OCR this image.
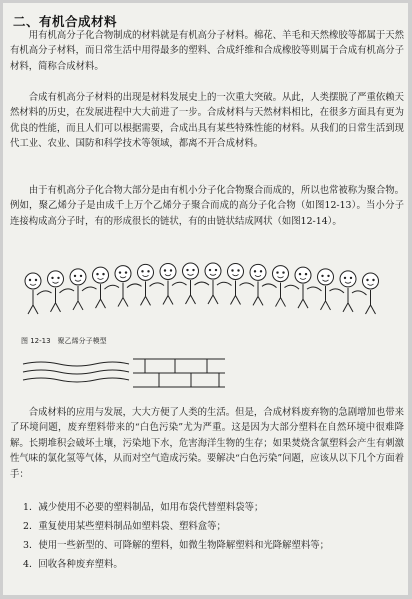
二、有机合成材料

用有机高分子化合物制成的材料就是有机高分子材料。棉花、羊毛和天然橡胶等都属于天然有机高分子材料，而日常生活中用得最多的塑料、合成纤维和合成橡胶等则属于合成有机高分子材料，简称合成材料。

合成有机高分子材料的出现是材料发展史上的一次重大突破。从此，人类摆脱了严重依赖天然材料的历史，在发展进程中大大前进了一步。合成材料与天然材料相比，在很多方面具有更为优良的性能，而且人们可以根据需要，合成出具有某些特殊性能的材料。从我们的日常生活到现代工业、农业、国防和科学技术等领域，都离不开合成材料。

由于有机高分子化合物大部分是由有机小分子化合物聚合而成的，所以也常被称为聚合物。例如，聚乙烯分子是由成千上万个乙烯分子聚合而成的高分子化合物（如图12-13）。当小分子连接构成高分子时，有的形成很长的链状，有的由链状结成网状（如图12-14）。

图 12-13　聚乙烯分子模型

合成材料的应用与发展，大大方便了人类的生活。但是，合成材料废弃物的急剧增加也带来了环境问题，废弃塑料带来的“白色污染”尤为严重。这是因为大部分塑料在自然环境中很难降解。长期堆积会破坏土壤，污染地下水，危害海洋生物的生存；如果焚烧含氯塑料会产生有刺激性气味的氯化氢等气体，从而对空气造成污染。要解决“白色污染”问题，应该从以下几个方面着手：

1．减少使用不必要的塑料制品，如用布袋代替塑料袋等；
2．重复使用某些塑料制品如塑料袋、塑料盒等；
3．使用一些新型的、可降解的塑料，如微生物降解塑料和光降解塑料等；
4．回收各种废弃塑料。
